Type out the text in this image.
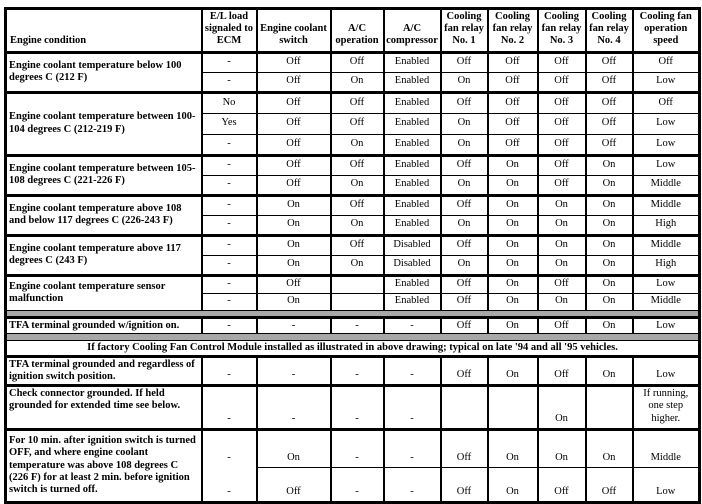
Engine condition	E/L load signaled to ECM	Engine coolant switch	A/C operation	A/C compressor	Cooling fan relay No. 1	Cooling fan relay No. 2	Cooling fan relay No. 3	Cooling fan relay No. 4	Cooling fan operation speed
Engine coolant temperature below 100 degrees C (212 F)	-	Off	Off	Enabled	Off	Off	Off	Off	Off
	-	Off	On	Enabled	On	Off	Off	Off	Low
Engine coolant temperature between 100-104 degrees C (212-219 F)	No	Off	Off	Enabled	Off	Off	Off	Off	Off
	Yes	Off	Off	Enabled	On	Off	Off	Off	Low
	-	Off	On	Enabled	On	Off	Off	Off	Low
Engine coolant temperature between 105-108 degrees C (221-226 F)	-	Off	Off	Enabled	Off	On	Off	On	Low
	-	Off	On	Enabled	On	On	Off	On	Middle
Engine coolant temperature above 108 and below 117 degrees C (226-243 F)	-	On	Off	Enabled	Off	On	On	On	Middle
	-	On	On	Enabled	On	On	On	On	High
Engine coolant temperature above 117 degrees C (243 F)	-	On	Off	Disabled	Off	On	On	On	Middle
	-	On	On	Disabled	On	On	On	On	High
Engine coolant temperature sensor malfunction	-	Off		Enabled	Off	On	Off	On	Low
	-	On		Enabled	Off	On	On	On	Middle

TFA terminal grounded w/ignition on.	-	-	-	-	Off	On	Off	On	Low

If factory Cooling Fan Control Module installed as illustrated in above drawing; typical on late '94 and all '95 vehicles.									
TFA terminal grounded and regardless of ignition switch position.	-	-	-	-	Off	On	Off	On	Low
Check connector grounded. If held grounded for extended time see below.	-	-	-	-			On		If running, one step higher.
For 10 min. after ignition switch is turned OFF, and where engine coolant temperature was above 108 degrees C (226 F) for at least 2 min. before ignition switch is turned off.	-	On	-	-	Off	On	On	On	Middle
	-	Off	-	-	Off	On	Off	Off	Low
